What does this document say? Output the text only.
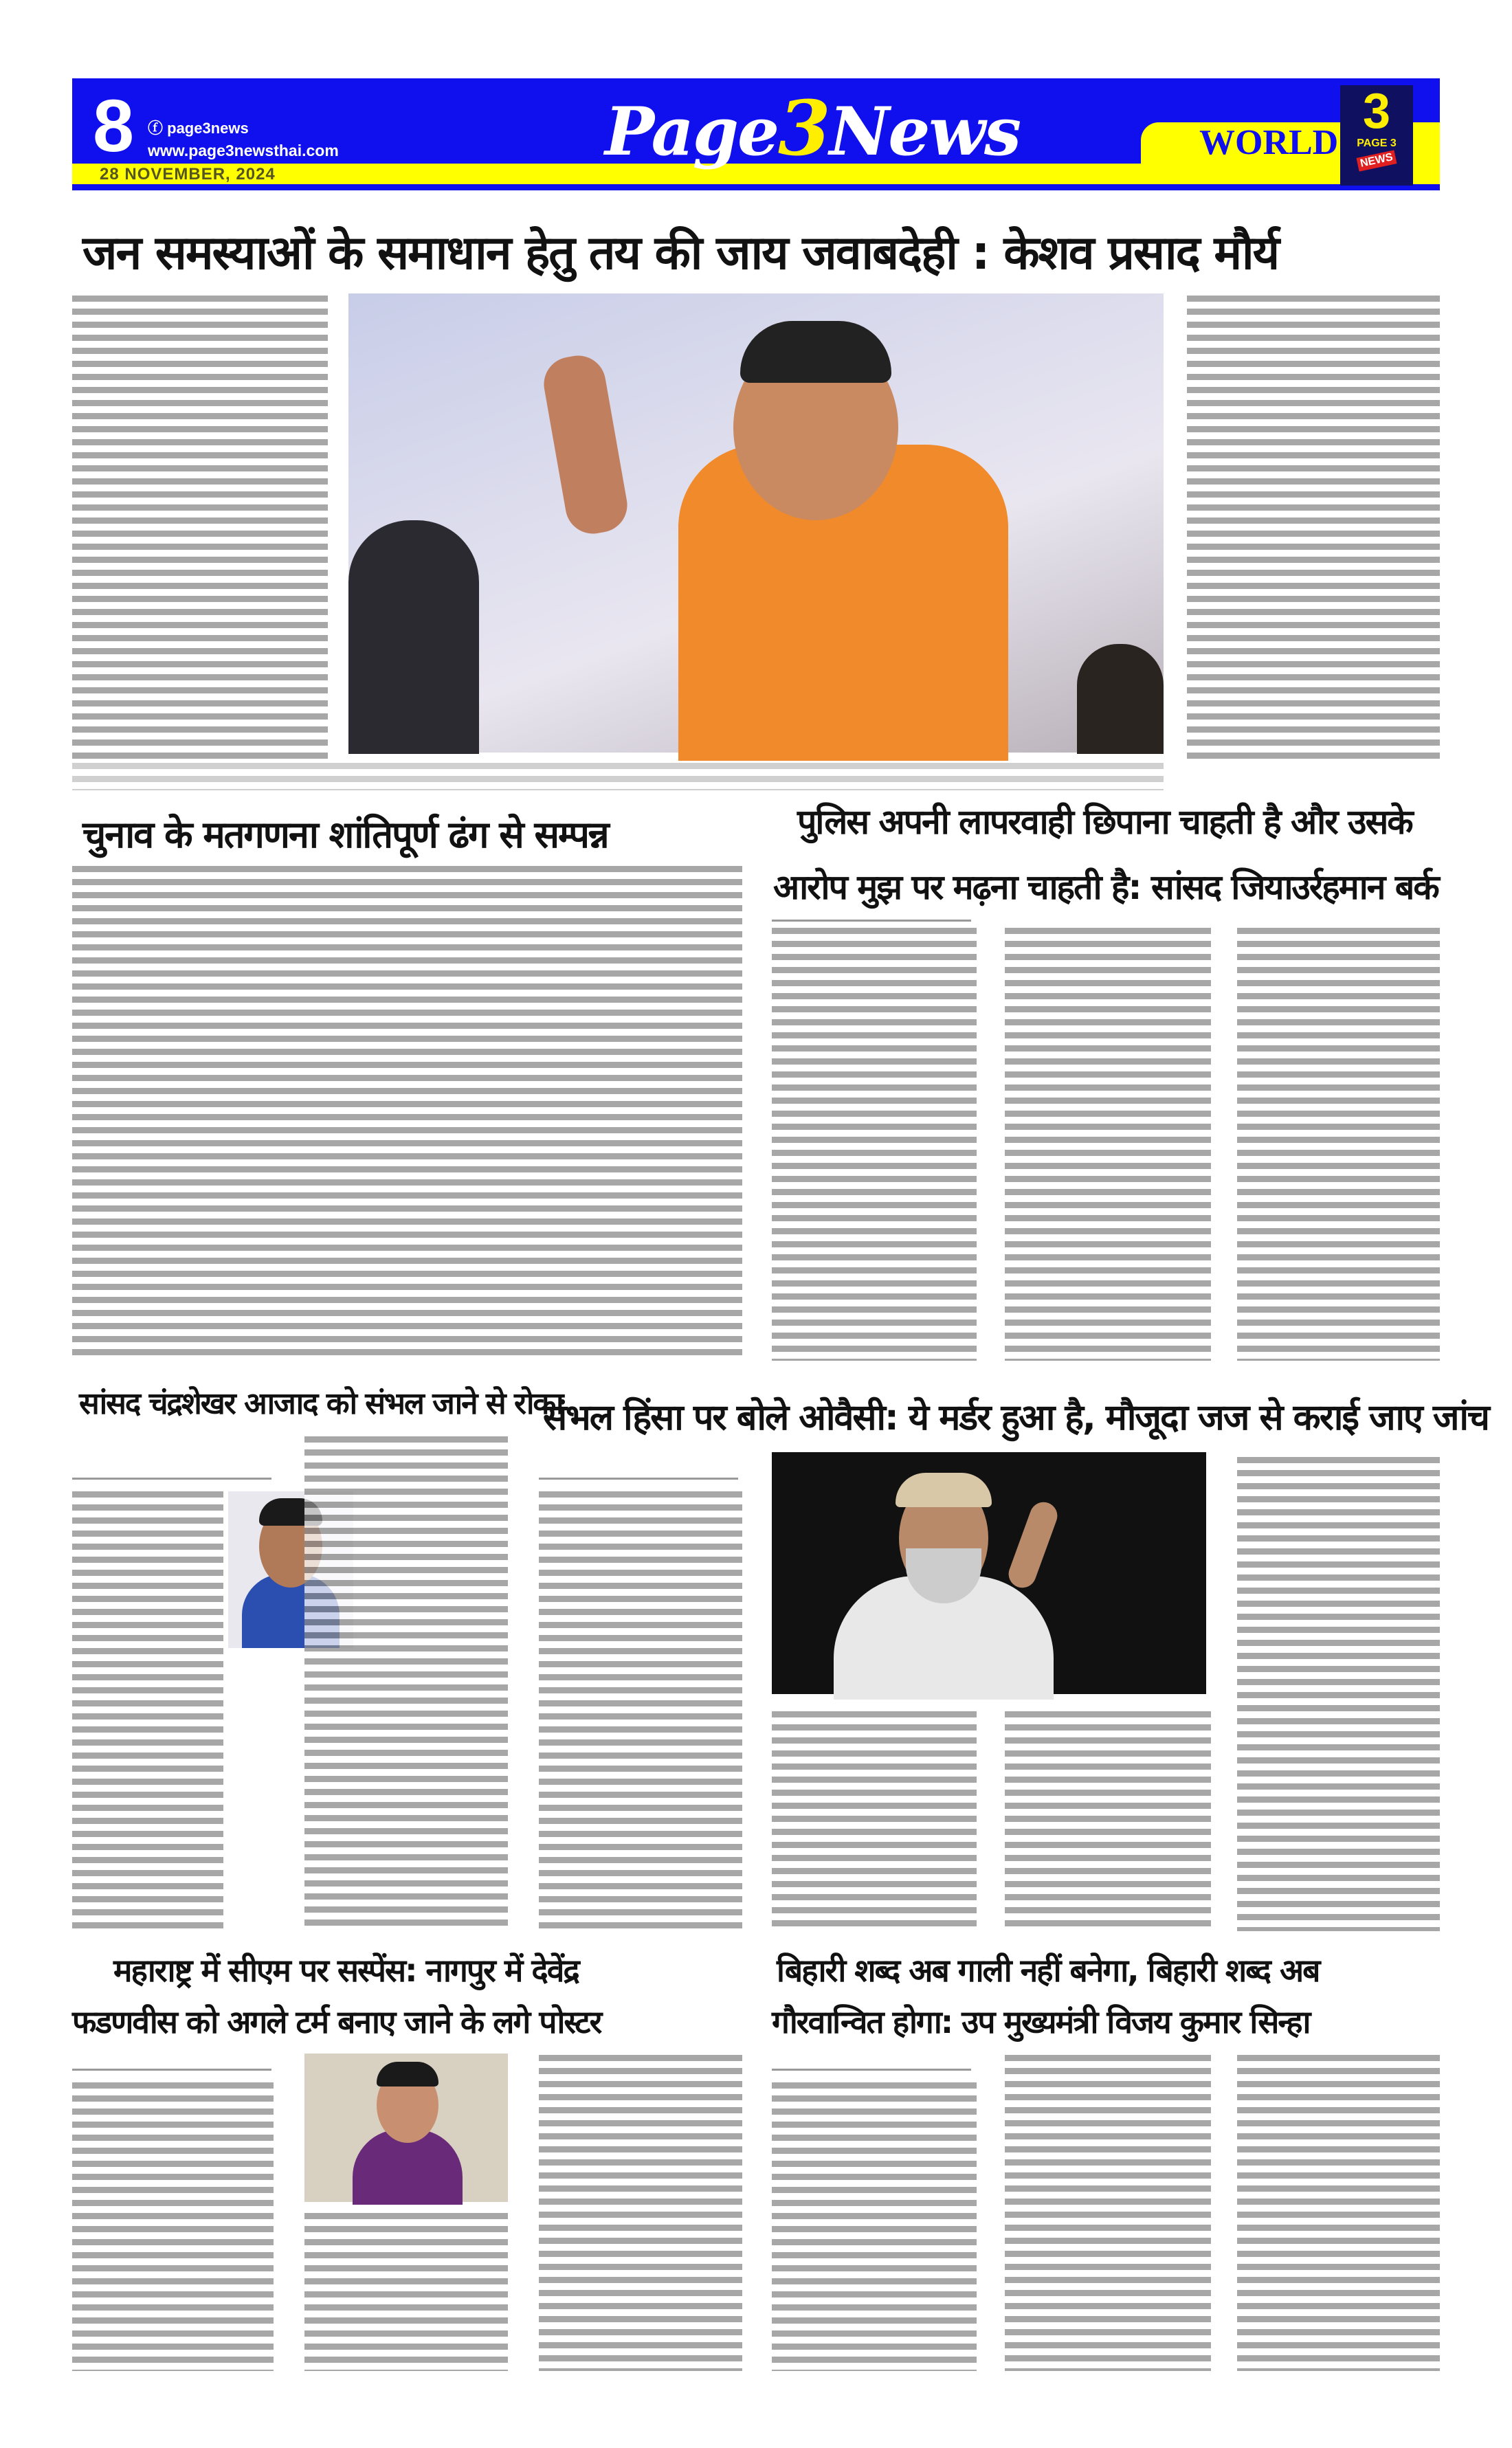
8 ⓕ page3news
www.page3newsthai.com
28 NOVEMBER, 2024
Page3News	WORLD
3
PAGE 3
NEWS
जन समस्याओं के समाधान हेतु तय की जाय जवाबदेही : केशव प्रसाद मौर्य
चुनाव के मतगणना शांतिपूर्ण ढंग से सम्पन्न	पुलिस अपनी लापरवाही छिपाना चाहती है और उसके
आरोप मुझ पर मढ़ना चाहती है: सांसद जियाउर्रहमान बर्क
सांसद चंद्रशेखर आजाद को संभल जाने से रोका
संभल हिंसा पर बोले ओवैसी: ये मर्डर हुआ है, मौजूदा जज से कराई जाए जांच
महाराष्ट्र में सीएम पर सस्पेंस: नागपुर में देवेंद्र
फडणवीस को अगले टर्म बनाए जाने के लगे पोस्टर
बिहारी शब्द अब गाली नहीं बनेगा, बिहारी शब्द अब
गौरवान्वित होगा: उप मुख्यमंत्री विजय कुमार सिन्हा
